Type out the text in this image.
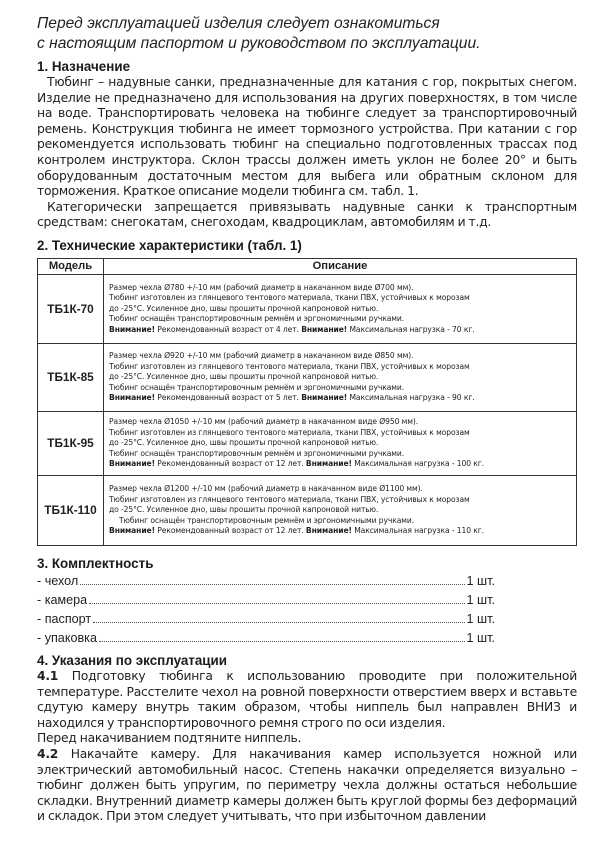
Перед эксплуатацией изделия следует ознакомиться
с настоящим паспортом и руководством по эксплуатации.
1. Назначение

Тюбинг – надувные санки, предназначенные для катания с гор, покрытых снегом. Изделие не предназначено для использования на других поверхностях, в том числе на воде. Транспортировать человека на тюбинге следует за транспортировочный ремень. Конструкция тюбинга не имеет тормозного устройства. При катании с гор рекомендуется использовать тюбинг на специально подготовленных трассах под контролем инструктора. Склон трассы должен иметь уклон не более 20° и быть оборудованным достаточным местом для выбега или обратным склоном для торможения. Краткое описание модели тюбинга см. табл. 1.

Категорически запрещается привязывать надувные санки к транспортным средствам: снегокатам, снегоходам, квадроциклам, автомобилям и т.д.

2. Технические характеристики (табл. 1)
Модель	Описание
ТБ1К-70	Размер чехла Ø780 +/-10 мм (рабочий диаметр в накачанном виде Ø700 мм).
Тюбинг изготовлен из глянцевого тентового материала, ткани ПВХ, устойчивых к морозам
до -25°С. Усиленное дно, швы прошиты прочной капроновой нитью.
Тюбинг оснащён транспортировочным ремнём и эргономичными ручками.
Внимание! Рекомендованный возраст от 4 лет. Внимание! Максимальная нагрузка - 70 кг.

ТБ1К-85	Размер чехла Ø920 +/-10 мм (рабочий диаметр в накачанном виде Ø850 мм).
Тюбинг изготовлен из глянцевого тентового материала, ткани ПВХ, устойчивых к морозам
до -25°С. Усиленное дно, швы прошиты прочной капроновой нитью.
Тюбинг оснащён транспортировочным ремнём и эргономичными ручками.
Внимание! Рекомендованный возраст от 5 лет. Внимание! Максимальная нагрузка - 90 кг.

ТБ1К-95	Размер чехла Ø1050 +/-10 мм (рабочий диаметр в накачанном виде Ø950 мм).
Тюбинг изготовлен из глянцевого тентового материала, ткани ПВХ, устойчивых к морозам
до -25°С. Усиленное дно, швы прошиты прочной капроновой нитью.
Тюбинг оснащён транспортировочным ремнём и эргономичными ручками.
Внимание! Рекомендованный возраст от 12 лет. Внимание! Максимальная нагрузка - 100 кг.

ТБ1К-110	Размер чехла Ø1200 +/-10 мм (рабочий диаметр в накачанном виде Ø1100 мм).
Тюбинг изготовлен из глянцевого тентового материала, ткани ПВХ, устойчивых к морозам
до -25°С. Усиленное дно, швы прошиты прочной капроновой нитью.
Тюбинг оснащён транспортировочным ремнём и эргономичными ручками.
Внимание! Рекомендованный возраст от 12 лет. Внимание! Максимальная нагрузка - 110 кг.
3. Комплектность
- чехол	1 шт.
- камера	1 шт.
- паспорт	1 шт.
- упаковка	1 шт.
4. Указания по эксплуатации

4.1 Подготовку тюбинга к использованию проводите при положительной температуре. Расстелите чехол на ровной поверхности отверстием вверх и вставьте сдутую камеру внутрь таким образом, чтобы ниппель был направлен ВНИЗ и находился у транспортировочного ремня строго по оси изделия.

Перед накачиванием подтяните ниппель.

4.2 Накачайте камеру. Для накачивания камер используется ножной или электрический автомобильный насос. Степень накачки определяется визуально – тюбинг должен быть упругим, по периметру чехла должны остаться небольшие складки. Внутренний диаметр камеры должен быть круглой формы без деформаций и складок. При этом следует учитывать, что при избыточном давлении
